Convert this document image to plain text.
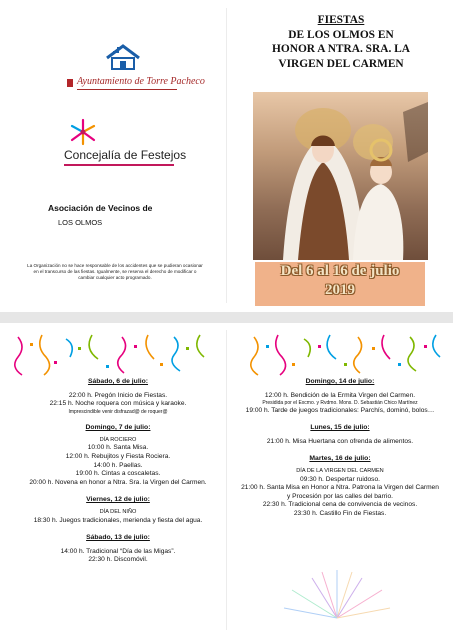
Ayuntamiento de Torre Pacheco
Concejalía de Festejos
Asociación de Vecinos de
LOS OLMOS
La Organización no se hace responsable de los accidentes que se pudieran ocasionar en el transcurso de las fiestas. Igualmente, se reserva el derecho de modificar o cambiar cualquier acto programado.
FIESTAS
DE LOS OLMOS EN
HONOR A NTRA. SRA. LA
VIRGEN DEL CARMEN
Del 6 al 16 de julio
2019
Sábado, 6 de julio:
22:00 h. Pregón Inicio de Fiestas.
22:15 h. Noche roquera con música y karaoke.
Imprescindible venir disfrazad@ de roquer@
Domingo, 7 de julio:
DÍA ROCIERO
10:00 h. Santa Misa.
12:00 h. Rebujitos y Fiesta Rociera.
14:00 h. Paellas.
19:00 h. Cintas a coscaletas.
20:00 h. Novena en honor a Ntra. Sra. la Virgen del Carmen.
Viernes, 12 de julio:
DÍA DEL NIÑO
18:30 h. Juegos tradicionales, merienda y fiesta del agua.
Sábado, 13 de julio:
14:00 h. Tradicional “Día de las Migas”.
22:30 h. Discomóvil.
Domingo, 14 de julio:
12:00 h. Bendición de la Ermita Virgen del Carmen.
Presidida por el Excmo. y Rvdmo. Mons. D. Sebastián Chico Martínez
19:00 h. Tarde de juegos tradicionales: Parchís, dominó, bolos…
Lunes, 15 de julio:
21:00 h. Misa Huertana con ofrenda de alimentos.
Martes, 16 de julio:
DÍA DE LA VIRGEN DEL CARMEN
09:30 h. Despertar ruidoso.
21:00 h. Santa Misa en Honor a Ntra. Patrona la Virgen del Carmen y Procesión por las calles del barrio.
22:30 h. Tradicional cena de convivencia de vecinos.
23:30 h. Castillo Fin de Fiestas.
